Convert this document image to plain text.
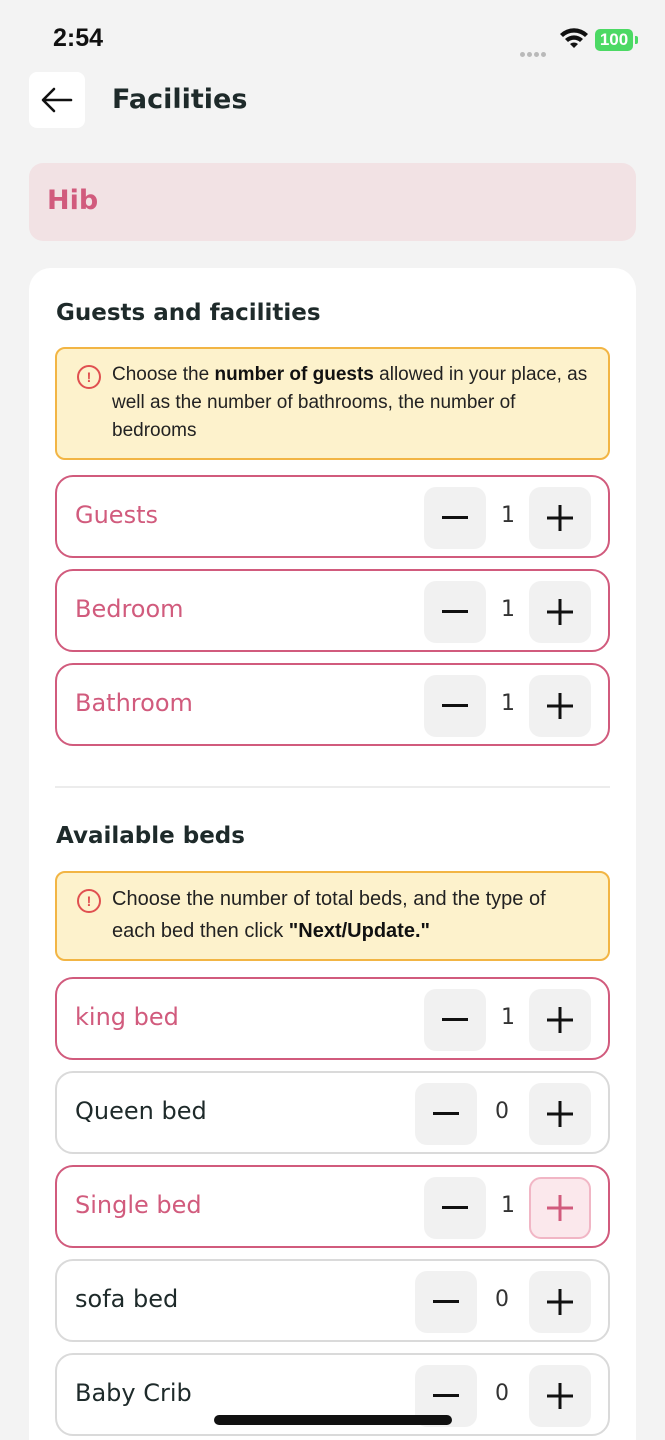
2:54	100
Facilities
Hib
Guests and facilities
!	Choose the number of guests allowed in your place, as well as the number of bathrooms, the number of bedrooms
Guests	1
Bedroom	1
Bathroom	1
Available beds
!	Choose the number of total beds, and the type of each bed then click "Next/Update."
king bed	1
Queen bed	0
Single bed	1
sofa bed	0
Baby Crib	0
